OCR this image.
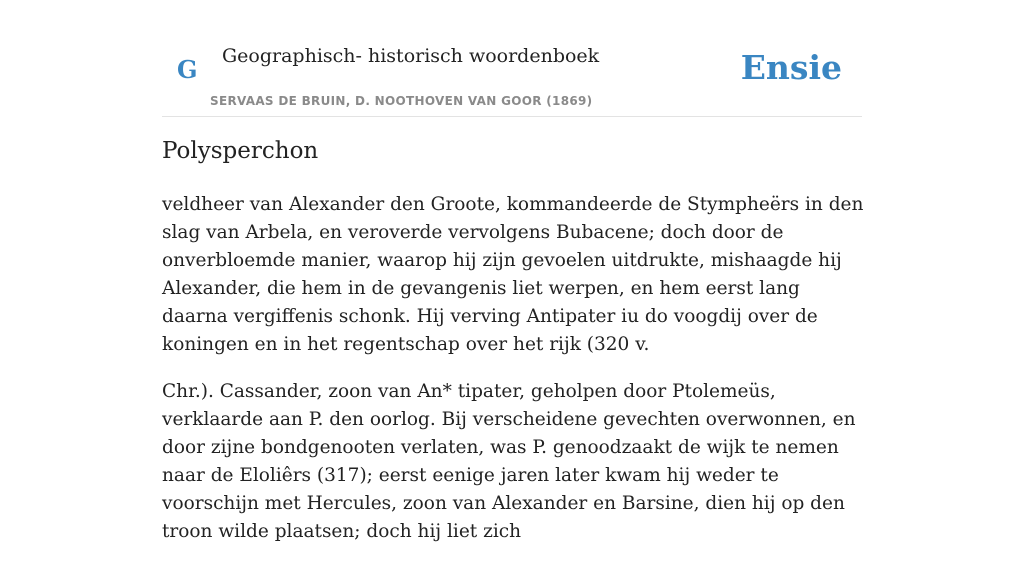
G Geographisch- historisch woordenboek
SERVAAS DE BRUIN, D. NOOTHOVEN VAN GOOR (1869)
Ensie
Polysperchon

veldheer van Alexander den Groote, kommandeerde de Stympheërs in den slag van Arbela, en veroverde vervolgens Bubacene; doch door de onverbloemde manier, waarop hij zijn gevoelen uitdrukte, mishaagde hij Alexander, die hem in de gevangenis liet werpen, en hem eerst lang daarna vergiffenis schonk. Hij verving Antipater iu do voogdij over de koningen en in het regentschap over het rijk (320 v.

Chr.). Cassander, zoon van An* tipater, geholpen door Ptolemeüs, verklaarde aan P. den oorlog. Bij verscheidene gevechten overwonnen, en door zijne bondgenooten verlaten, was P. genoodzaakt de wijk te nemen naar de Eloliêrs (317); eerst eenige jaren later kwam hij weder te voorschijn met Hercules, zoon van Alexander en Barsine, dien hij op den troon wilde plaatsen; doch hij liet zich
